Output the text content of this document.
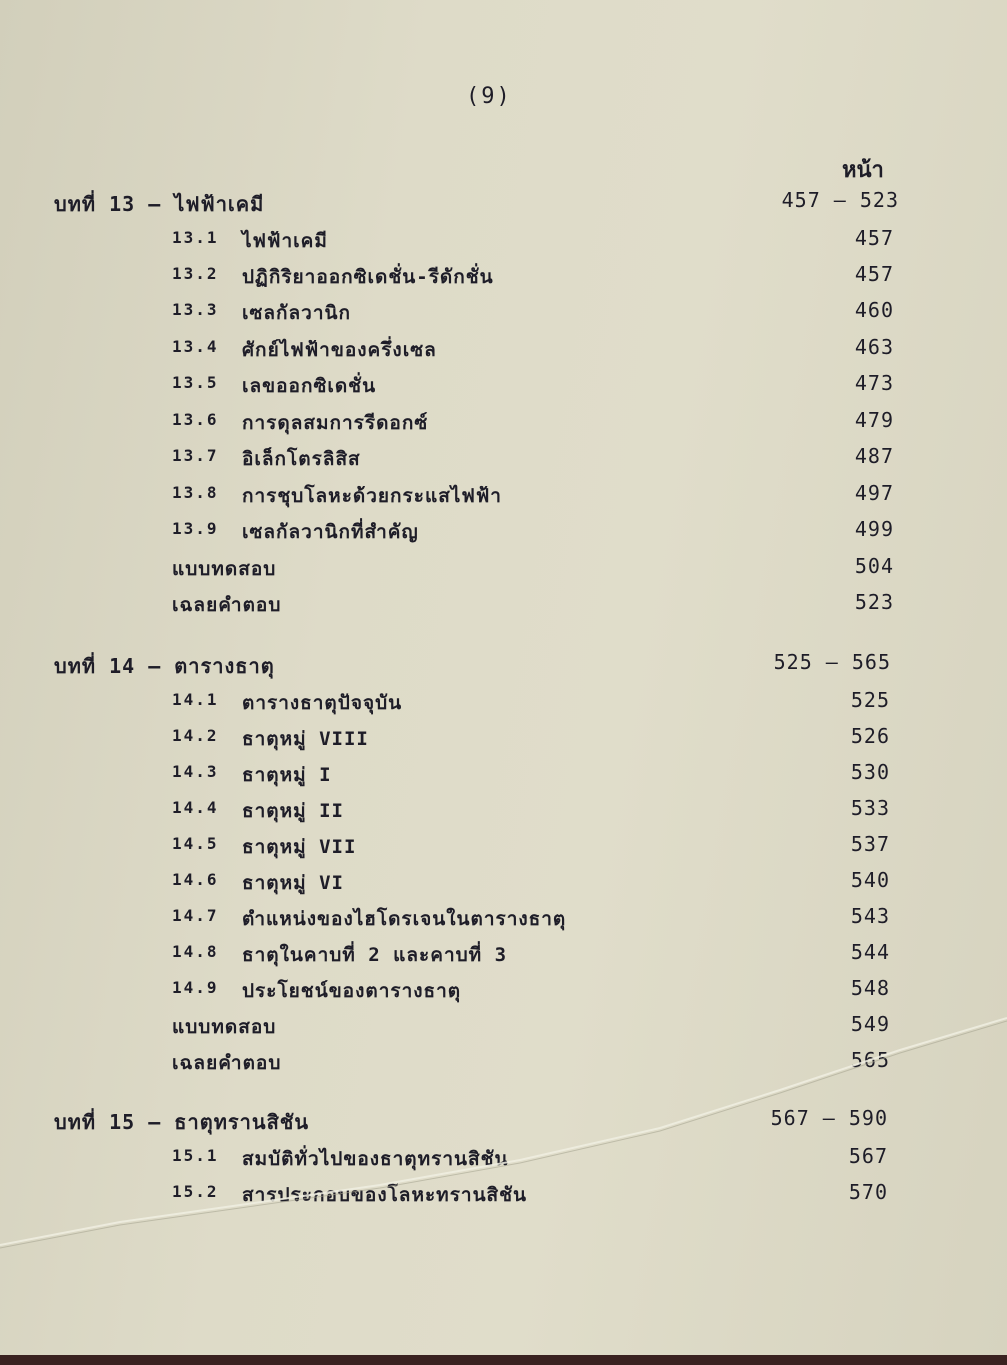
(9)
หน้า
บทที่ 13 – ไฟฟ้าเคมี	457 – 523
13.1 ไฟฟ้าเคมี	457
13.2 ปฏิกิริยาออกซิเดชั่น-รีดักชั่น	457
13.3 เซลกัลวานิก	460
13.4 ศักย์ไฟฟ้าของครึ่งเซล	463
13.5 เลขออกซิเดชั่น	473
13.6 การดุลสมการรีดอกซ์	479
13.7 อิเล็กโตรลิสิส	487
13.8 การชุบโลหะด้วยกระแสไฟฟ้า	497
13.9 เซลกัลวานิกที่สำคัญ	499
แบบทดสอบ	504
เฉลยคำตอบ	523
บทที่ 14 – ตารางธาตุ	525 – 565
14.1 ตารางธาตุปัจจุบัน	525
14.2 ธาตุหมู่ VIII	526
14.3 ธาตุหมู่ I	530
14.4 ธาตุหมู่ II	533
14.5 ธาตุหมู่ VII	537
14.6 ธาตุหมู่ VI	540
14.7 ตำแหน่งของไฮโดรเจนในตารางธาตุ	543
14.8 ธาตุในคาบที่ 2 และคาบที่ 3	544
14.9 ประโยชน์ของตารางธาตุ	548
แบบทดสอบ	549
เฉลยคำตอบ	565
บทที่ 15 – ธาตุทรานสิชัน	567 – 590
15.1 สมบัติทั่วไปของธาตุทรานสิชัน	567
15.2 สารประกอบของโลหะทรานสิชัน	570
